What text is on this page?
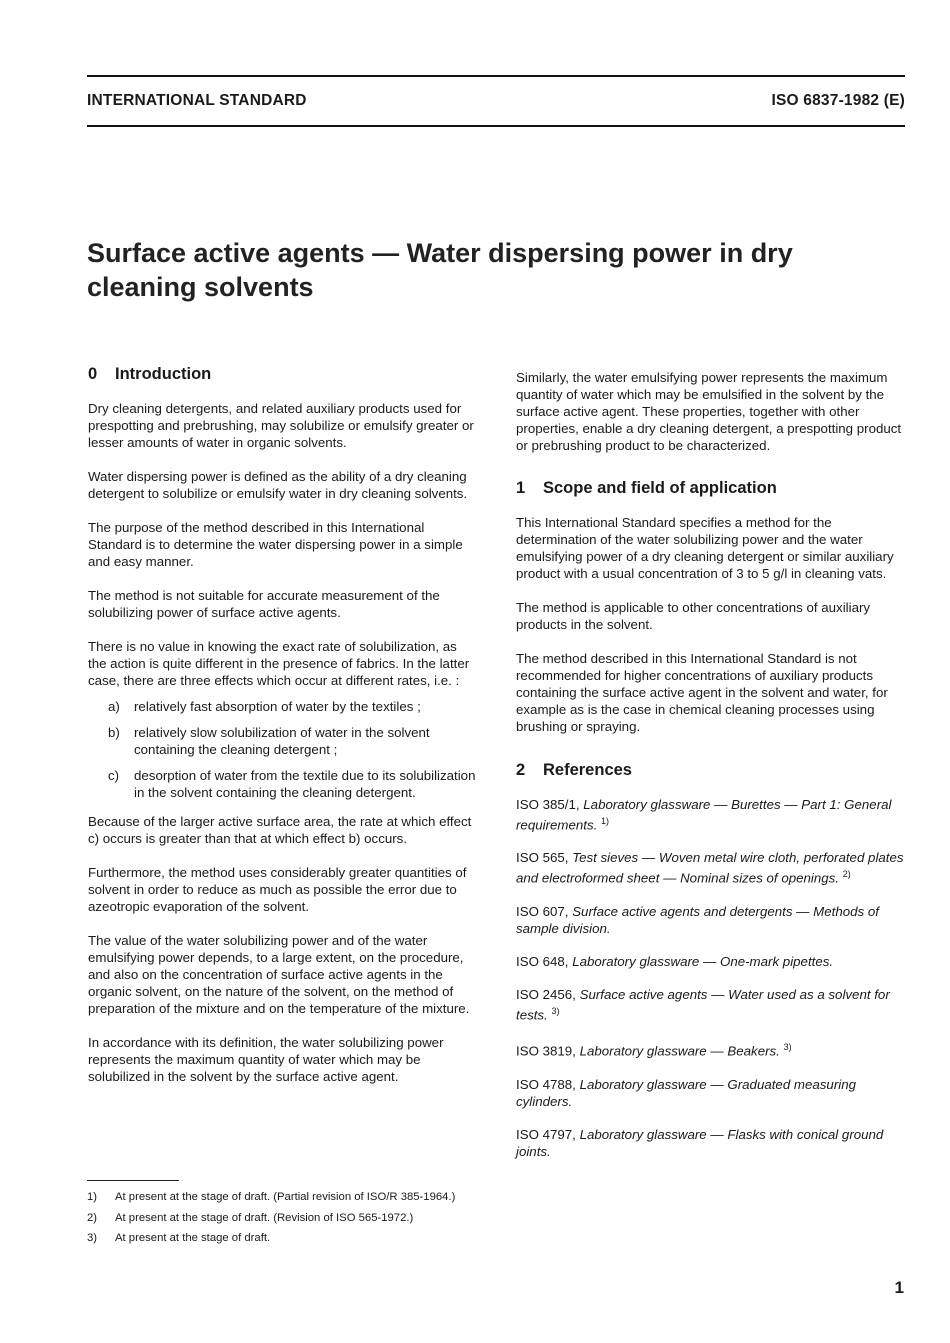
INTERNATIONAL STANDARD	ISO 6837-1982 (E)
Surface active agents — Water dispersing power in dry
cleaning solvents
0	Introduction

Dry cleaning detergents, and related auxiliary products used for prespotting and prebrushing, may solubilize or emulsify greater or lesser amounts of water in organic solvents.

Water dispersing power is defined as the ability of a dry cleaning detergent to solubilize or emulsify water in dry cleaning solvents.

The purpose of the method described in this International Standard is to determine the water dispersing power in a simple and easy manner.

The method is not suitable for accurate measurement of the solubilizing power of surface active agents.

There is no value in knowing the exact rate of solubilization, as the action is quite different in the presence of fabrics. In the latter case, there are three effects which occur at different rates, i.e. :

a)	relatively fast absorption of water by the textiles ;
b)	relatively slow solubilization of water in the solvent containing the cleaning detergent ;
c)	desorption of water from the textile due to its solubilization in the solvent containing the cleaning detergent.

Because of the larger active surface area, the rate at which effect c) occurs is greater than that at which effect b) occurs.

Furthermore, the method uses considerably greater quantities of solvent in order to reduce as much as possible the error due to azeotropic evaporation of the solvent.

The value of the water solubilizing power and of the water emulsifying power depends, to a large extent, on the procedure, and also on the concentration of surface active agents in the organic solvent, on the nature of the solvent, on the method of preparation of the mixture and on the temperature of the mixture.

In accordance with its definition, the water solubilizing power represents the maximum quantity of water which may be solubilized in the solvent by the surface active agent.

Similarly, the water emulsifying power represents the maximum quantity of water which may be emulsified in the solvent by the surface active agent. These properties, together with other properties, enable a dry cleaning detergent, a prespotting product or prebrushing product to be characterized.

1	Scope and field of application

This International Standard specifies a method for the determination of the water solubilizing power and the water emulsifying power of a dry cleaning detergent or similar auxiliary product with a usual concentration of 3 to 5 g/l in cleaning vats.

The method is applicable to other concentrations of auxiliary products in the solvent.

The method described in this International Standard is not recommended for higher concentrations of auxiliary products containing the surface active agent in the solvent and water, for example as is the case in chemical cleaning processes using brushing or spraying.

2	References

ISO 385/1, Laboratory glassware — Burettes — Part 1: General requirements. $^{1)}$

ISO 565, Test sieves — Woven metal wire cloth, perforated plates and electroformed sheet — Nominal sizes of openings. $^{2)}$

ISO 607, Surface active agents and detergents — Methods of sample division.

ISO 648, Laboratory glassware — One-mark pipettes.

ISO 2456, Surface active agents — Water used as a solvent for tests. $^{3)}$

ISO 3819, Laboratory glassware — Beakers. $^{3)}$

ISO 4788, Laboratory glassware — Graduated measuring cylinders.

ISO 4797, Laboratory glassware — Flasks with conical ground joints.

1)	At present at the stage of draft. (Partial revision of ISO/R 385-1964.)
2)	At present at the stage of draft. (Revision of ISO 565-1972.)
3)	At present at the stage of draft.
1
